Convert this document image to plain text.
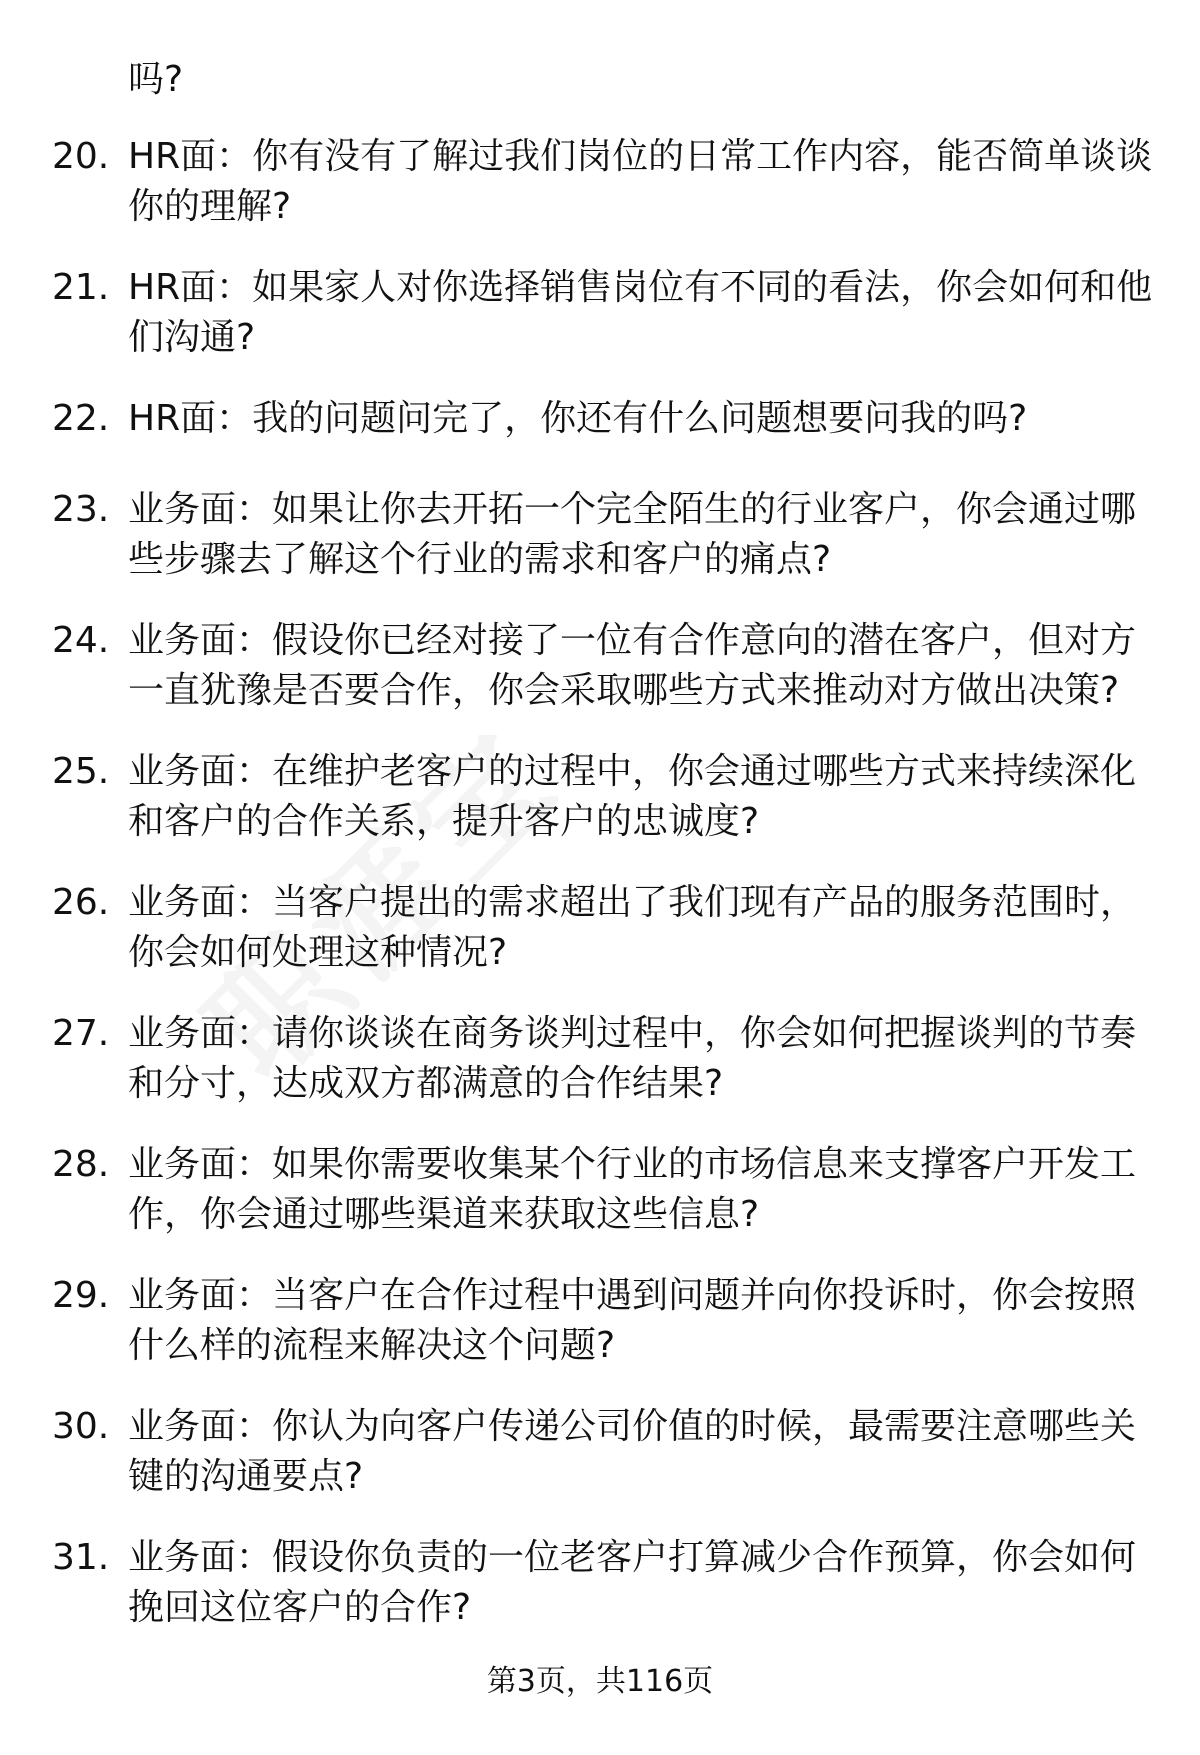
吗?

20. HR面：你有没有了解过我们岗位的日常工作内容，能否简单谈谈你的理解?
21. HR面：如果家人对你选择销售岗位有不同的看法，你会如何和他们沟通?
22. HR面：我的问题问完了，你还有什么问题想要问我的吗?
23. 业务面：如果让你去开拓一个完全陌生的行业客户，你会通过哪些步骤去了解这个行业的需求和客户的痛点?
24. 业务面：假设你已经对接了一位有合作意向的潜在客户，但对方一直犹豫是否要合作，你会采取哪些方式来推动对方做出决策?
25. 业务面：在维护老客户的过程中，你会通过哪些方式来持续深化和客户的合作关系，提升客户的忠诚度?
26. 业务面：当客户提出的需求超出了我们现有产品的服务范围时，你会如何处理这种情况?
27. 业务面：请你谈谈在商务谈判过程中，你会如何把握谈判的节奏和分寸，达成双方都满意的合作结果?
28. 业务面：如果你需要收集某个行业的市场信息来支撑客户开发工作，你会通过哪些渠道来获取这些信息?
29. 业务面：当客户在合作过程中遇到问题并向你投诉时，你会按照什么样的流程来解决这个问题?
30. 业务面：你认为向客户传递公司价值的时候，最需要注意哪些关键的沟通要点?
31. 业务面：假设你负责的一位老客户打算减少合作预算，你会如何挽回这位客户的合作?
第3页，共116页
